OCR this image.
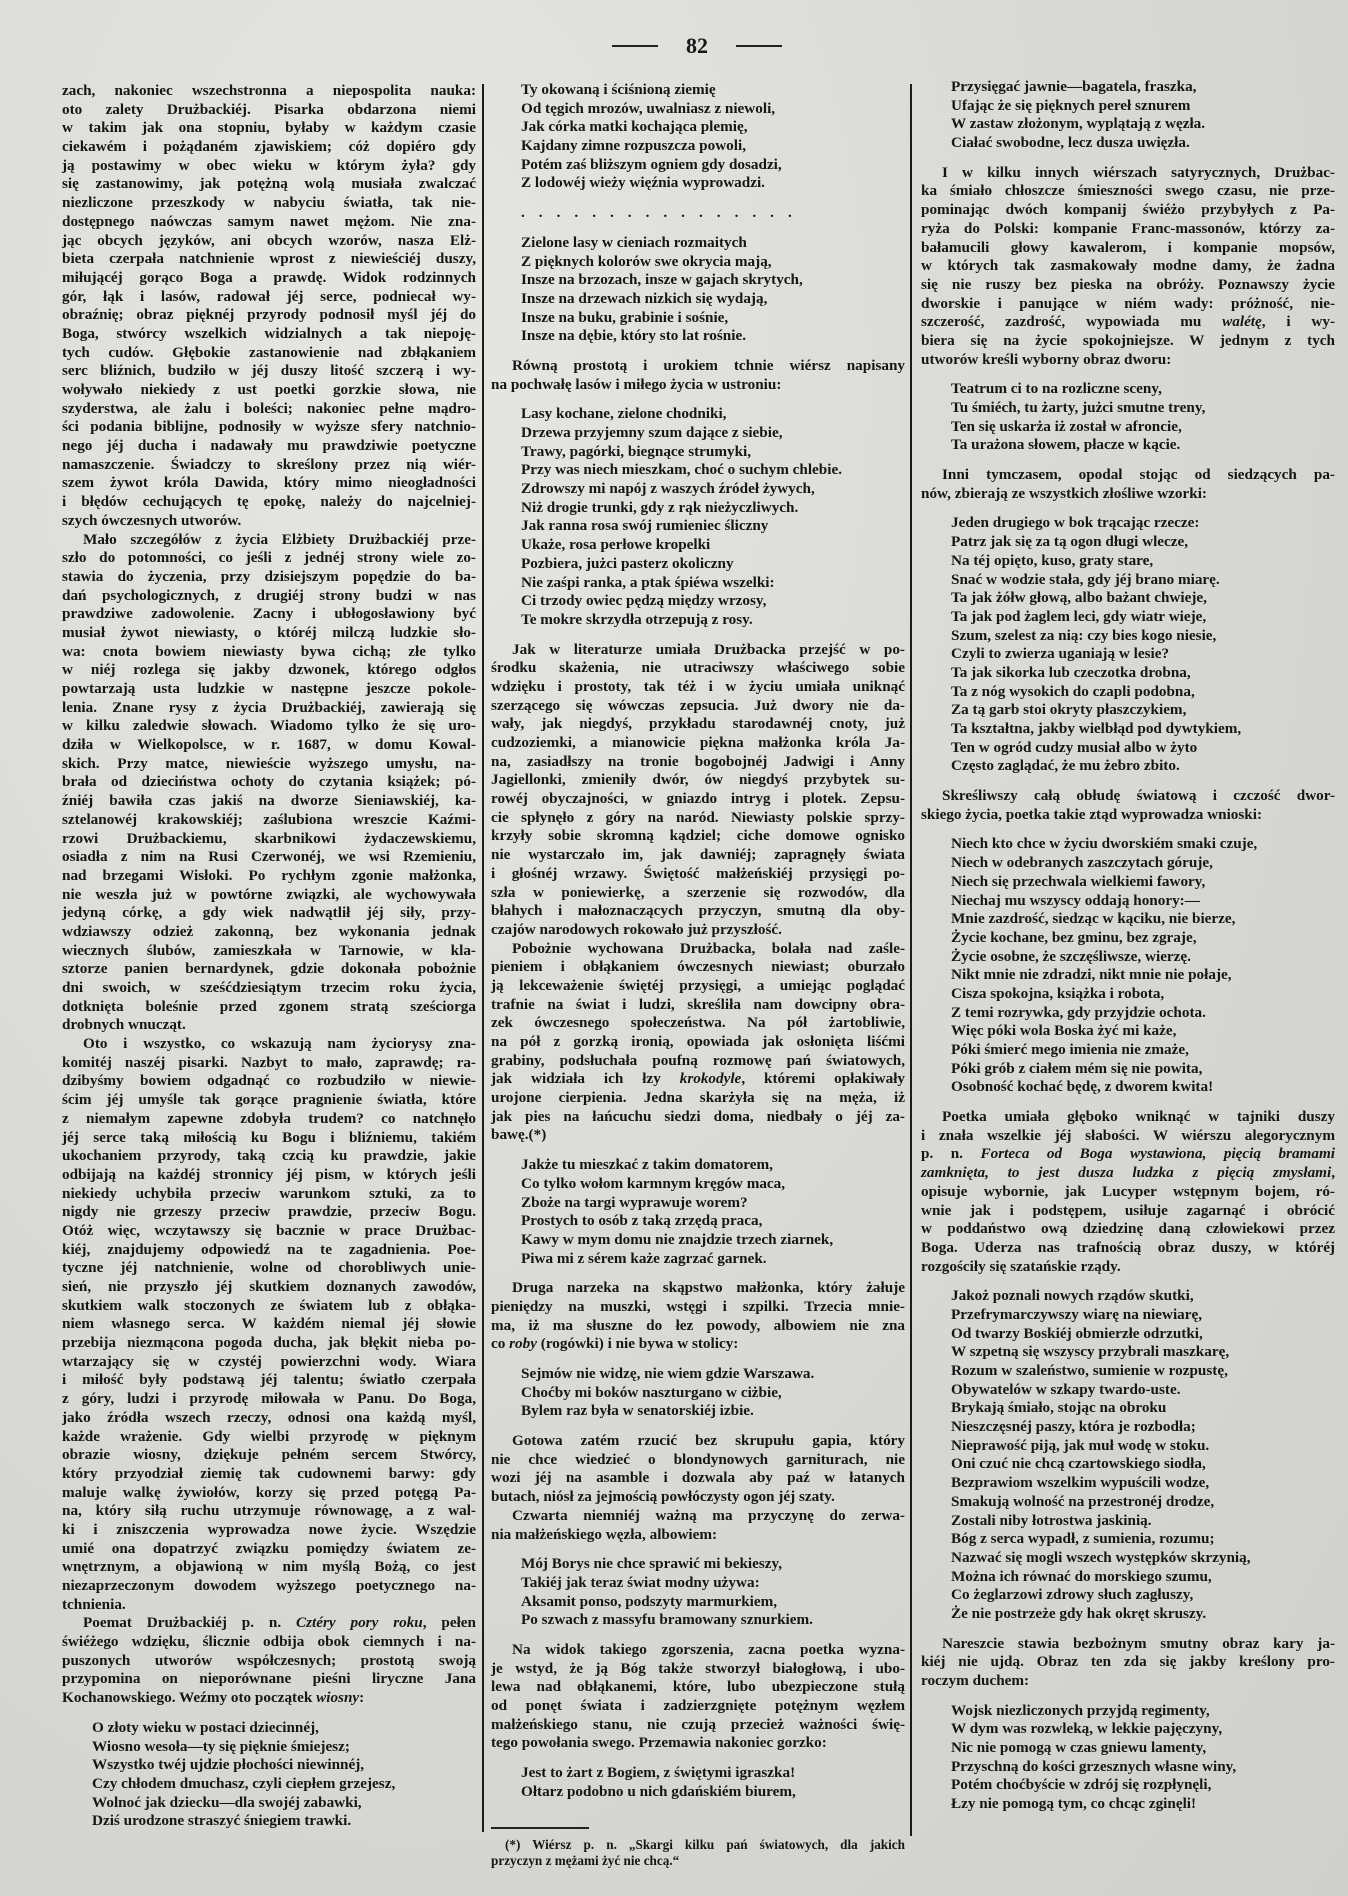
82
zach, nakoniec wszechstronna a niepospolita nauka:
oto zalety Drużbackiéj. Pisarka obdarzona niemi
w takim jak ona stopniu, byłaby w każdym czasie
ciekawém i pożądaném zjawiskiem; cóż dopiéro gdy
ją postawimy w obec wieku w którym żyła? gdy
się zastanowimy, jak potężną wolą musiała zwalczać
niezliczone przeszkody w nabyciu światła, tak nie-
dostępnego naówczas samym nawet mężom. Nie zna-
jąc obcych języków, ani obcych wzorów, nasza Elż-
bieta czerpała natchnienie wprost z niewieściéj duszy,
miłującéj gorąco Boga a prawdę. Widok rodzinnych
gór, łąk i lasów, radował jéj serce, podniecał wy-
obraźnię; obraz pięknéj przyrody podnosił myśl jéj do
Boga, stwórcy wszelkich widzialnych a tak niepoję-
tych cudów. Głębokie zastanowienie nad zbłąkaniem
serc bliźnich, budziło w jéj duszy litość szczerą i wy-
woływało niekiedy z ust poetki gorzkie słowa, nie
szyderstwa, ale żalu i boleści; nakoniec pełne mądro-
ści podania biblijne, podnosiły w wyższe sfery natchnio-
nego jéj ducha i nadawały mu prawdziwie poetyczne
namaszczenie. Świadczy to skreślony przez nią wiér-
szem żywot króla Dawida, który mimo nieogładności
i błędów cechujących tę epokę, należy do najcelniej-
szych ówczesnych utworów.
Mało szczegółów z życia Elżbiety Drużbackiéj prze-
szło do potomności, co jeśli z jednéj strony wiele zo-
stawia do życzenia, przy dzisiejszym popędzie do ba-
dań psychologicznych, z drugiéj strony budzi w nas
prawdziwe zadowolenie. Zacny i ubłogosławiony być
musiał żywot niewiasty, o któréj milczą ludzkie sło-
wa: cnota bowiem niewiasty bywa cichą; złe tylko
w niéj rozlega się jakby dzwonek, którego odgłos
powtarzają usta ludzkie w następne jeszcze pokole-
lenia. Znane rysy z życia Drużbackiéj, zawierają się
w kilku zaledwie słowach. Wiadomo tylko że się uro-
dziła w Wielkopolsce, w r. 1687, w domu Kowal-
skich. Przy matce, niewieście wyższego umysłu, na-
brała od dzieciństwa ochoty do czytania książek; pó-
źniéj bawiła czas jakiś na dworze Sieniawskiéj, ka-
sztelanowéj krakowskiéj; zaślubiona wreszcie Kaźmi-
rzowi Drużbackiemu, skarbnikowi żydaczewskiemu,
osiadła z nim na Rusi Czerwonéj, we wsi Rzemieniu,
nad brzegami Wisłoki. Po rychłym zgonie małżonka,
nie weszła już w powtórne związki, ale wychowywała
jedyną córkę, a gdy wiek nadwątlił jéj siły, przy-
wdziawszy odzież zakonną, bez wykonania jednak
wiecznych ślubów, zamieszkała w Tarnowie, w kla-
sztorze panien bernardynek, gdzie dokonała pobożnie
dni swoich, w sześćdziesiątym trzecim roku życia,
dotknięta boleśnie przed zgonem stratą sześciorga
drobnych wnucząt.
Oto i wszystko, co wskazują nam życiorysy zna-
komitéj naszéj pisarki. Nazbyt to mało, zaprawdę; ra-
dzibyśmy bowiem odgadnąć co rozbudziło w niewie-
ścim jéj umyśle tak gorące pragnienie światła, które
z niemałym zapewne zdobyła trudem? co natchnęło
jéj serce taką miłością ku Bogu i bliźniemu, takiém
ukochaniem przyrody, taką czcią ku prawdzie, jakie
odbijają na każdéj stronnicy jéj pism, w których jeśli
niekiedy uchybiła przeciw warunkom sztuki, za to
nigdy nie grzeszy przeciw prawdzie, przeciw Bogu.
Otóż więc, wczytawszy się bacznie w prace Drużbac-
kiéj, znajdujemy odpowiedź na te zagadnienia. Poe-
tyczne jéj natchnienie, wolne od chorobliwych unie-
sień, nie przyszło jéj skutkiem doznanych zawodów,
skutkiem walk stoczonych ze światem lub z obłąka-
niem własnego serca. W każdém niemal jéj słowie
przebija niezmącona pogoda ducha, jak błękit nieba po-
wtarzający się w czystéj powierzchni wody. Wiara
i miłość były podstawą jéj talentu; światło czerpała
z góry, ludzi i przyrodę miłowała w Panu. Do Boga,
jako źródła wszech rzeczy, odnosi ona każdą myśl,
każde wrażenie. Gdy wielbi przyrodę w pięknym
obrazie wiosny, dziękuje pełném sercem Stwórcy,
który przyodział ziemię tak cudownemi barwy: gdy
maluje walkę żywiołów, korzy się przed potęgą Pa-
na, który siłą ruchu utrzymuje równowagę, a z wal-
ki i zniszczenia wyprowadza nowe życie. Wszędzie
umié ona dopatrzyć związku pomiędzy światem ze-
wnętrznym, a objawioną w nim myślą Bożą, co jest
niezaprzeczonym dowodem wyższego poetycznego na-
tchnienia.
Poemat Drużbackiéj p. n. Cztéry pory roku, pełen
świéżego wdzięku, ślicznie odbija obok ciemnych i na-
puszonych utworów współczesnych; prostotą swoją
przypomina on nieporównane pieśni liryczne Jana
Kochanowskiego. Weźmy oto początek wiosny:
O złoty wieku w postaci dziecinnéj,
Wiosno wesoła—ty się pięknie śmiejesz;
Wszystko twéj ujdzie płochości niewinnéj,
Czy chłodem dmuchasz, czyli ciepłem grzejesz,
Wolnoć jak dziecku—dla swojéj zabawki,
Dziś urodzone straszyć śniegiem trawki.
Ty okowaną i ściśnioną ziemię
Od tęgich mrozów, uwalniasz z niewoli,
Jak córka matki kochająca plemię,
Kajdany zimne rozpuszcza powoli,
Potém zaś bliższym ogniem gdy dosadzi,
Z lodowéj wieży więźnia wyprowadzi.
................
Zielone lasy w cieniach rozmaitych
Z pięknych kolorów swe okrycia mają,
Insze na brzozach, insze w gajach skrytych,
Insze na drzewach nizkich się wydają,
Insze na buku, grabinie i sośnie,
Insze na dębie, który sto lat rośnie.
Równą prostotą i urokiem tchnie wiérsz napisany
na pochwałę lasów i miłego życia w ustroniu:
Lasy kochane, zielone chodniki,
Drzewa przyjemny szum dające z siebie,
Trawy, pagórki, biegnące strumyki,
Przy was niech mieszkam, choć o suchym chlebie.
Zdrowszy mi napój z waszych źródeł żywych,
Niż drogie trunki, gdy z rąk nieżyczliwych.
Jak ranna rosa swój rumieniec śliczny
Ukaże, rosa perłowe kropelki
Pozbiera, jużci pasterz okoliczny
Nie zaśpi ranka, a ptak śpiéwa wszelki:
Ci trzody owiec pędzą między wrzosy,
Te mokre skrzydła otrzepują z rosy.
Jak w literaturze umiała Drużbacka przejść w po-
środku skażenia, nie utraciwszy właściwego sobie
wdzięku i prostoty, tak téż i w życiu umiała uniknąć
szerzącego się wówczas zepsucia. Już dwory nie da-
wały, jak niegdyś, przykładu starodawnéj cnoty, już
cudzoziemki, a mianowicie piękna małżonka króla Ja-
na, zasiadłszy na tronie bogobojnéj Jadwigi i Anny
Jagiellonki, zmieniły dwór, ów niegdyś przybytek su-
rowéj obyczajności, w gniazdo intryg i plotek. Zepsu-
cie spłynęło z góry na naród. Niewiasty polskie sprzy-
krzyły sobie skromną kądziel; ciche domowe ognisko
nie wystarczało im, jak dawniéj; zapragnęły świata
i głośnéj wrzawy. Świętość małżeńskiéj przysięgi po-
szła w poniewierkę, a szerzenie się rozwodów, dla
błahych i małoznaczących przyczyn, smutną dla oby-
czajów narodowych rokowało już przyszłość.
Pobożnie wychowana Drużbacka, bolała nad zaśle-
pieniem i obłąkaniem ówczesnych niewiast; oburzało
ją lekceważenie świętéj przysięgi, a umiejąc poglądać
trafnie na świat i ludzi, skreśliła nam dowcipny obra-
zek ówczesnego społeczeństwa. Na pół żartobliwie,
na pół z gorzką ironią, opowiada jak osłonięta liśćmi
grabiny, podsłuchała poufną rozmowę pań światowych,
jak widziała ich łzy krokodyle, któremi opłakiwały
urojone cierpienia. Jedna skarżyła się na męża, iż
jak pies na łańcuchu siedzi doma, niedbały o jéj za-
bawę.(*)
Jakże tu mieszkać z takim domatorem,
Co tylko wołom karmnym kręgów maca,
Zboże na targi wyprawuje worem?
Prostych to osób z taką zrzędą praca,
Kawy w mym domu nie znajdzie trzech ziarnek,
Piwa mi z sérem każe zagrzać garnek.
Druga narzeka na skąpstwo małżonka, który żałuje
pieniędzy na muszki, wstęgi i szpilki. Trzecia mnie-
ma, iż ma słuszne do łez powody, albowiem nie zna
co roby (rogówki) i nie bywa w stolicy:
Sejmów nie widzę, nie wiem gdzie Warszawa.
Choćby mi boków naszturgano w ciżbie,
Bylem raz była w senatorskiéj izbie.
Gotowa zatém rzucić bez skrupułu gapia, który
nie chce wiedzieć o blondynowych garniturach, nie
wozi jéj na asamble i dozwala aby paź w łatanych
butach, niósł za jejmością powłóczysty ogon jéj szaty.
Czwarta niemniéj ważną ma przyczynę do zerwa-
nia małżeńskiego węzła, albowiem:
Mój Borys nie chce sprawić mi bekieszy,
Takiéj jak teraz świat modny używa:
Aksamit ponso, podszyty marmurkiem,
Po szwach z massyfu bramowany sznurkiem.
Na widok takiego zgorszenia, zacna poetka wyzna-
je wstyd, że ją Bóg także stworzył białogłową, i ubo-
lewa nad obłąkanemi, które, lubo ubezpieczone stułą
od ponęt świata i zadzierzgnięte potężnym węzłem
małżeńskiego stanu, nie czują przecież ważności świę-
tego powołania swego. Przemawia nakoniec gorzko:
Jest to żart z Bogiem, z świętymi igraszka!
Ołtarz podobno u nich gdańskiém biurem,
(*) Wiérsz p. n. „Skargi kilku pań światowych, dla jakich
przyczyn z mężami żyć nie chcą.“
Przysięgać jawnie—bagatela, fraszka,
Ufając że się pięknych pereł sznurem
W zastaw złożonym, wyplątają z węzła.
Ciałać swobodne, lecz dusza uwięzła.
I w kilku innych wiérszach satyrycznych, Drużbac-
ka śmiało chłoszcze śmieszności swego czasu, nie prze-
pominając dwóch kompanij świéżo przybyłych z Pa-
ryża do Polski: kompanie Franc-massonów, którzy za-
bałamucili głowy kawalerom, i kompanie mopsów,
w których tak zasmakowały modne damy, że żadna
się nie ruszy bez pieska na obróży. Poznawszy życie
dworskie i panujące w niém wady: próżność, nie-
szczerość, zazdrość, wypowiada mu walétę, i wy-
biera się na życie spokojniejsze. W jednym z tych
utworów kreśli wyborny obraz dworu:
Teatrum ci to na rozliczne sceny,
Tu śmiéch, tu żarty, jużci smutne treny,
Ten się uskarża iż został w afroncie,
Ta urażona słowem, płacze w kącie.
Inni tymczasem, opodal stojąc od siedzących pa-
nów, zbierają ze wszystkich złośliwe wzorki:
Jeden drugiego w bok trącając rzecze:
Patrz jak się za tą ogon długi wlecze,
Na téj opięto, kuso, graty stare,
Snać w wodzie stała, gdy jéj brano miarę.
Ta jak żółw głową, albo bażant chwieje,
Ta jak pod żaglem leci, gdy wiatr wieje,
Szum, szelest za nią: czy bies kogo niesie,
Czyli to zwierza uganiają w lesie?
Ta jak sikorka lub czeczotka drobna,
Ta z nóg wysokich do czapli podobna,
Za tą garb stoi okryty płaszczykiem,
Ta kształtna, jakby wielbłąd pod dywtykiem,
Ten w ogród cudzy musiał albo w żyto
Często zaglądać, że mu żebro zbito.
Skreśliwszy całą obłudę światową i czczość dwor-
skiego życia, poetka takie ztąd wyprowadza wnioski:
Niech kto chce w życiu dworskiém smaki czuje,
Niech w odebranych zaszczytach góruje,
Niech się przechwala wielkiemi fawory,
Niechaj mu wszyscy oddają honory:—
Mnie zazdrość, siedząc w kąciku, nie bierze,
Życie kochane, bez gminu, bez zgraje,
Życie osobne, że szczęśliwsze, wierzę.
Nikt mnie nie zdradzi, nikt mnie nie połaje,
Cisza spokojna, książka i robota,
Z temi rozrywka, gdy przyjdzie ochota.
Więc póki wola Boska żyć mi każe,
Póki śmierć mego imienia nie zmaże,
Póki grób z ciałem mém się nie powita,
Osobność kochać będę, z dworem kwita!
Poetka umiała głęboko wniknąć w tajniki duszy
i znała wszelkie jéj słabości. W wiérszu alegorycznym
p. n. Forteca od Boga wystawiona, pięcią bramami
zamknięta, to jest dusza ludzka z pięcią zmysłami,
opisuje wybornie, jak Lucyper wstępnym bojem, ró-
wnie jak i podstępem, usiłuje zagarnąć i obrócić
w poddaństwo ową dziedzinę daną człowiekowi przez
Boga. Uderza nas trafnością obraz duszy, w któréj
rozgościły się szatańskie rządy.
Jakoż poznali nowych rządów skutki,
Przefrymarczywszy wiarę na niewiarę,
Od twarzy Boskiéj obmierzłe odrzutki,
W szpetną się wszyscy przybrali maszkarę,
Rozum w szaleństwo, sumienie w rozpustę,
Obywatelów w szkapy twardo-uste.
Brykają śmiało, stojąc na obroku
Nieszczęsnéj paszy, która je rozbodła;
Nieprawość piją, jak muł wodę w stoku.
Oni czuć nie chcą czartowskiego siodła,
Bezprawiom wszelkim wypuścili wodze,
Smakują wolność na przestronéj drodze,
Zostali niby łotrostwa jaskinią.
Bóg z serca wypadł, z sumienia, rozumu;
Nazwać się mogli wszech występków skrzynią,
Można ich równać do morskiego szumu,
Co żeglarzowi zdrowy słuch zagłuszy,
Że nie postrzeże gdy hak okręt skruszy.
Nareszcie stawia bezbożnym smutny obraz kary ja-
kiéj nie ujdą. Obraz ten zda się jakby kreślony pro-
roczym duchem:
Wojsk niezliczonych przyjdą regimenty,
W dym was rozwleką, w lekkie pajęczyny,
Nic nie pomogą w czas gniewu lamenty,
Przyschną do kości grzesznych własne winy,
Potém choćbyście w zdrój się rozpłynęli,
Łzy nie pomogą tym, co chcąc zginęli!
